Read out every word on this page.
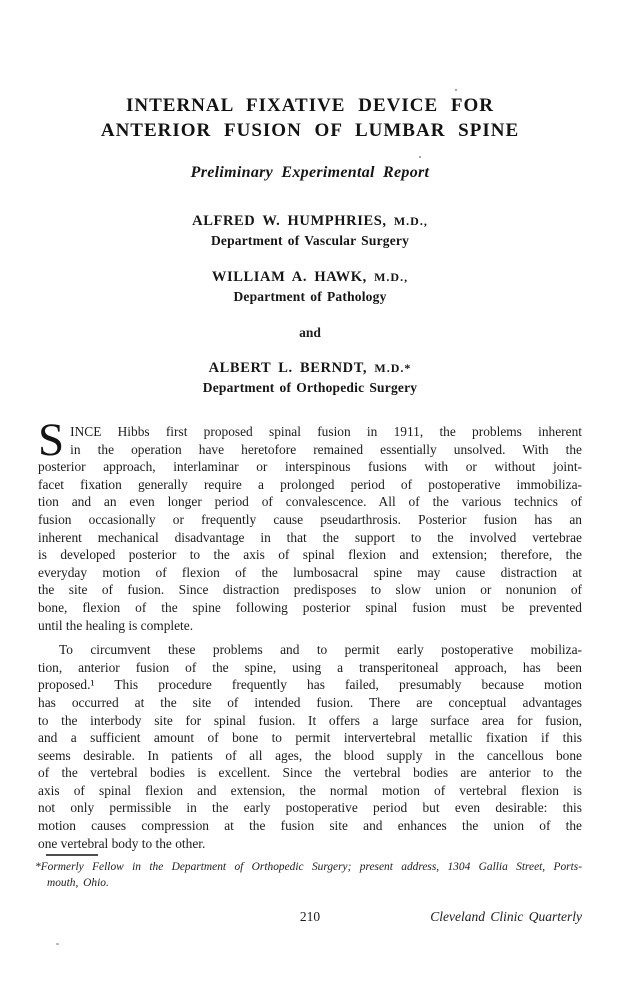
INTERNAL FIXATIVE DEVICE FOR
ANTERIOR FUSION OF LUMBAR SPINE
Preliminary Experimental Report
ALFRED W. HUMPHRIES, M.D.,
Department of Vascular Surgery
WILLIAM A. HAWK, M.D.,
Department of Pathology
and
ALBERT L. BERNDT, M.D.*
Department of Orthopedic Surgery
S INCE Hibbs first proposed spinal fusion in 1911, the problems inherent
in the operation have heretofore remained essentially unsolved. With the
posterior approach, interlaminar or interspinous fusions with or without joint-
facet fixation generally require a prolonged period of postoperative immobiliza-
tion and an even longer period of convalescence. All of the various technics of
fusion occasionally or frequently cause pseudarthrosis. Posterior fusion has an
inherent mechanical disadvantage in that the support to the involved vertebrae
is developed posterior to the axis of spinal flexion and extension; therefore, the
everyday motion of flexion of the lumbosacral spine may cause distraction at
the site of fusion. Since distraction predisposes to slow union or nonunion of
bone, flexion of the spine following posterior spinal fusion must be prevented
until the healing is complete.
To circumvent these problems and to permit early postoperative mobiliza-
tion, anterior fusion of the spine, using a transperitoneal approach, has been
proposed.¹ This procedure frequently has failed, presumably because motion
has occurred at the site of intended fusion. There are conceptual advantages
to the interbody site for spinal fusion. It offers a large surface area for fusion,
and a sufficient amount of bone to permit intervertebral metallic fixation if this
seems desirable. In patients of all ages, the blood supply in the cancellous bone
of the vertebral bodies is excellent. Since the vertebral bodies are anterior to the
axis of spinal flexion and extension, the normal motion of vertebral flexion is
not only permissible in the early postoperative period but even desirable: this
motion causes compression at the fusion site and enhances the union of the
one vertebral body to the other.
*Formerly Fellow in the Department of Orthopedic Surgery; present address, 1304 Gallia Street, Ports-
mouth, Ohio.
210	Cleveland Clinic Quarterly
